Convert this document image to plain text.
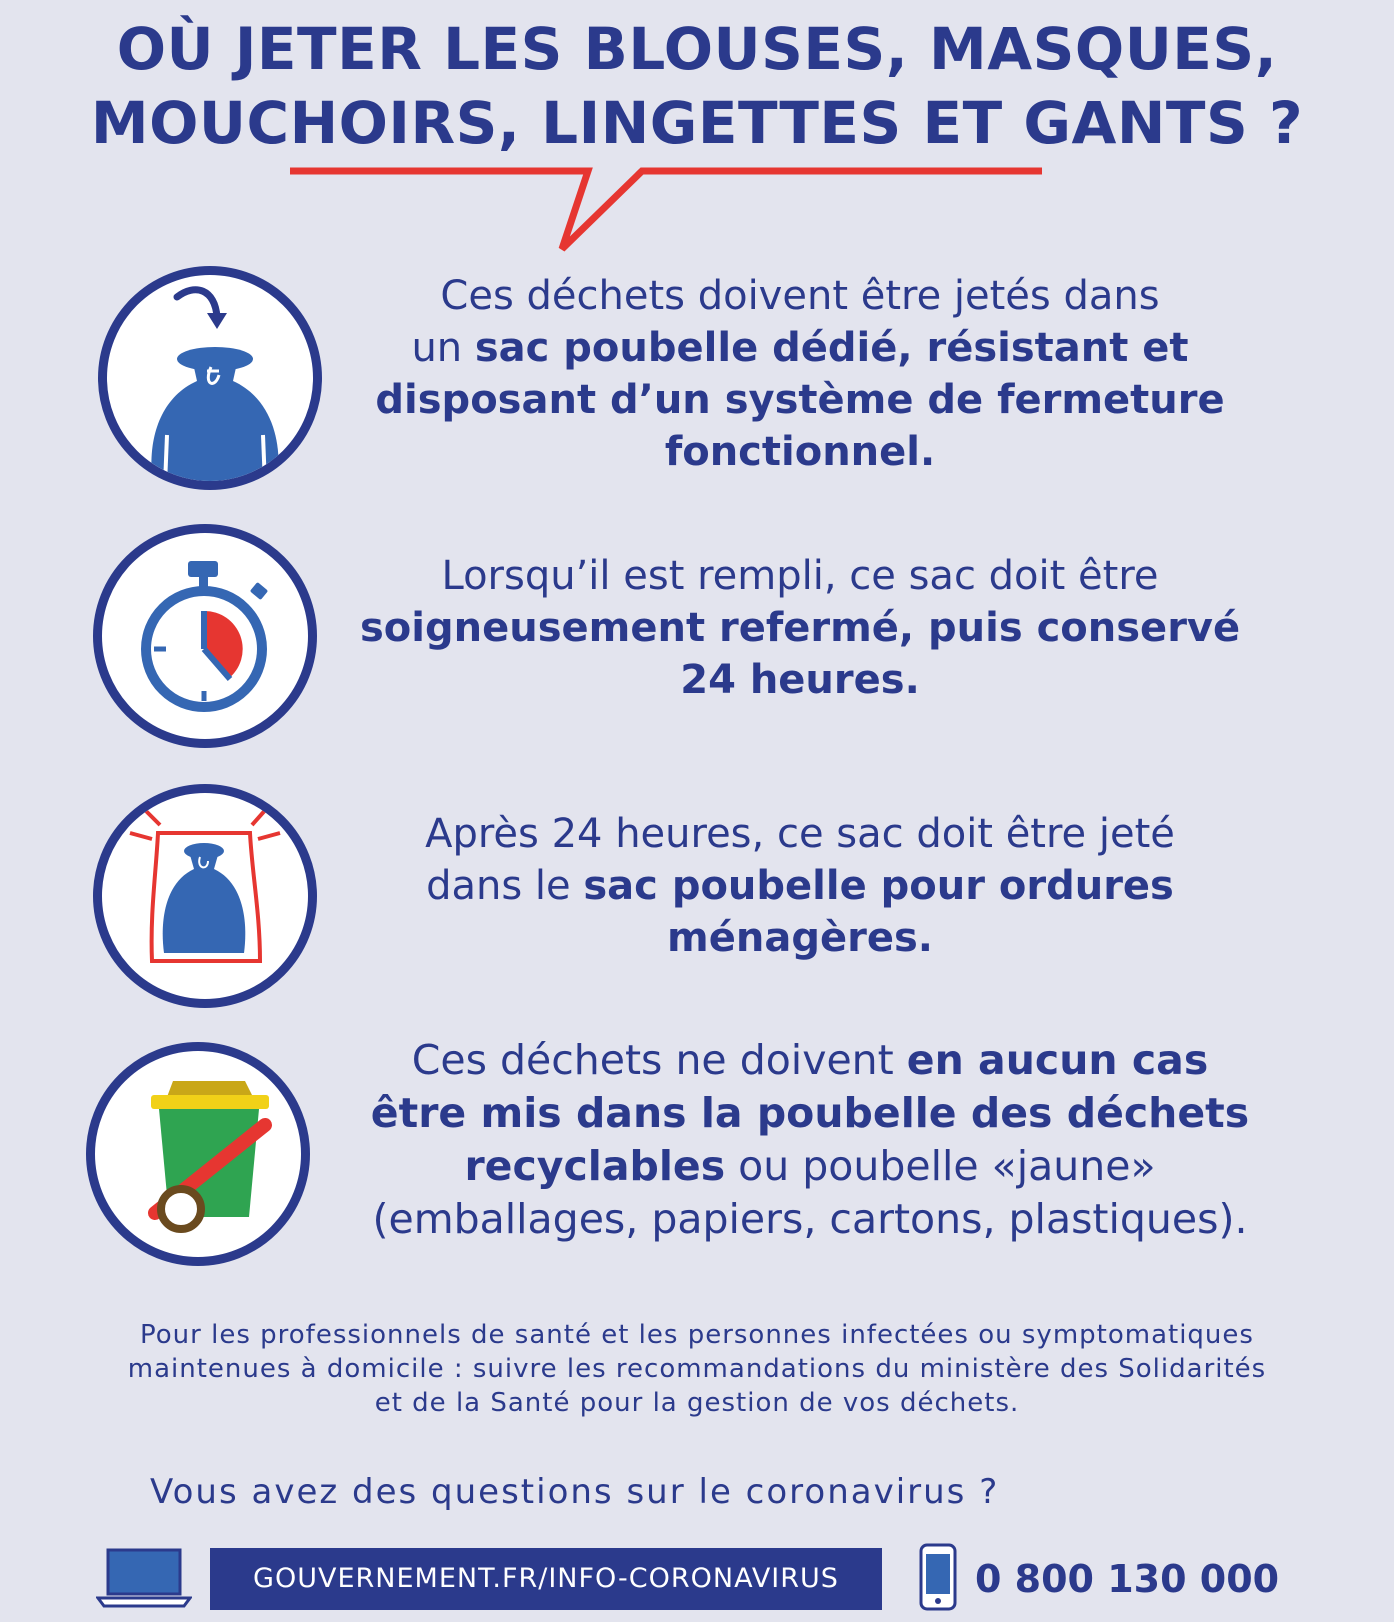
OÙ JETER LES BLOUSES, MASQUES,
MOUCHOIRS, LINGETTES ET GANTS ?
Ces déchets doivent être jetés dans
un sac poubelle dédié, résistant et
disposant d’un système de fermeture
fonctionnel.
Lorsqu’il est rempli, ce sac doit être
soigneusement refermé, puis conservé
24 heures.
Après 24 heures, ce sac doit être jeté
dans le sac poubelle pour ordures
ménagères.
Ces déchets ne doivent en aucun cas
être mis dans la poubelle des déchets
recyclables ou poubelle «jaune»
(emballages, papiers, cartons, plastiques).
Pour les professionnels de santé et les personnes infectées ou symptomatiques
maintenues à domicile : suivre les recommandations du ministère des Solidarités
et de la Santé pour la gestion de vos déchets.
Vous avez des questions sur le coronavirus ?
GOUVERNEMENT.FR/INFO-CORONAVIRUS	0 800 130 000
